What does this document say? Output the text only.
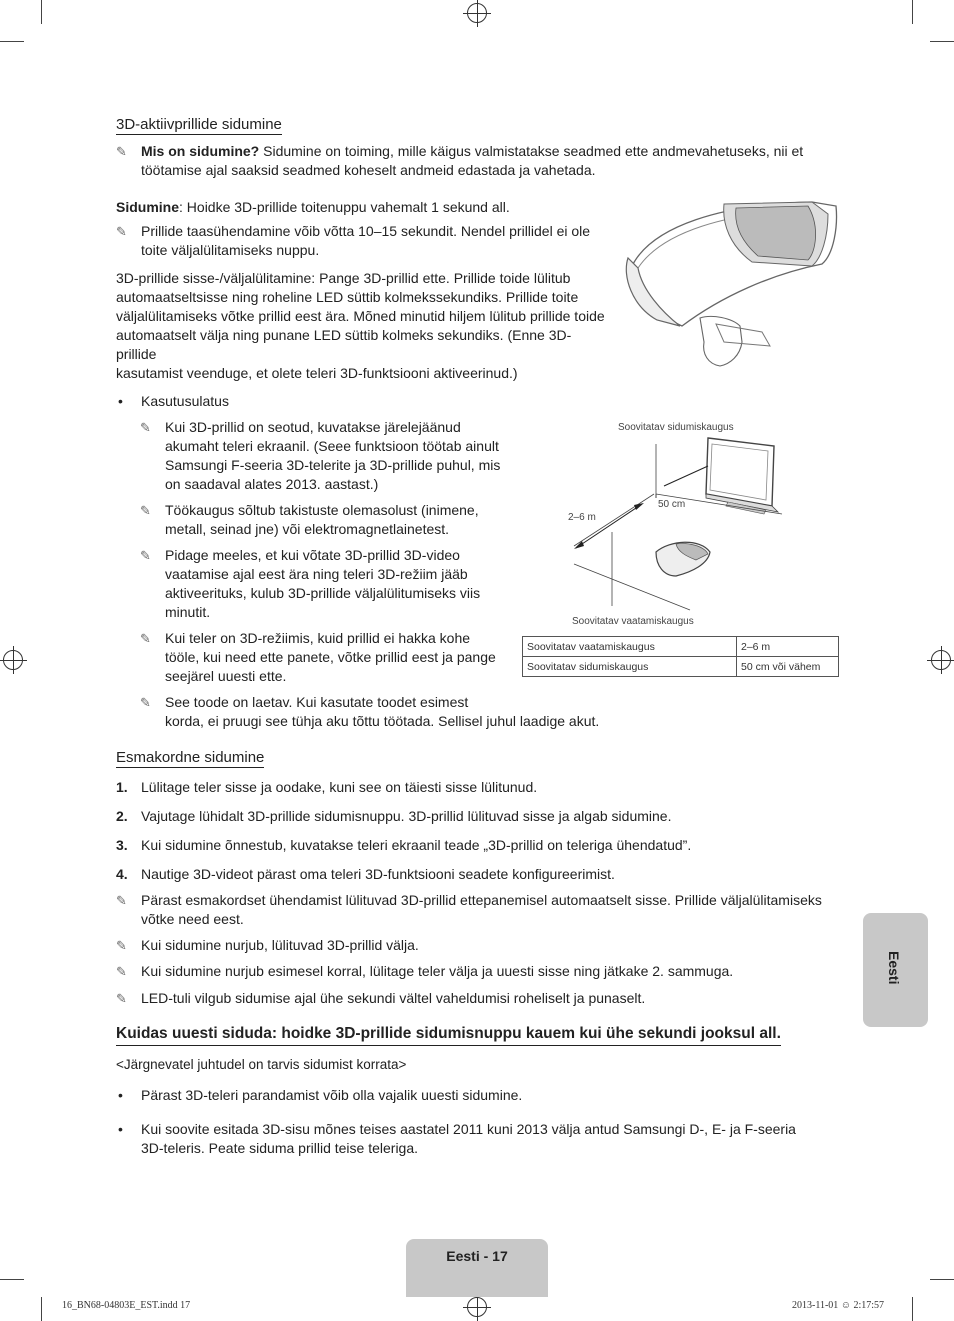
3D-aktiivprillide sidumine
✎ Mis on sidumine? Sidumine on toiming, mille käigus valmistatakse seadmed ette andmevahetuseks, nii et
töötamise ajal saaksid seadmed koheselt andmeid edastada ja vahetada.
Sidumine: Hoidke 3D-prillide toitenuppu vahemalt 1 sekund all.
✎ Prillide taasühendamine võib võtta 10–15 sekundit. Nendel prillidel ei ole
toite väljalülitamiseks nuppu.
3D-prillide sisse-/väljalülitamine: Pange 3D-prillid ette. Prillide toide lülitub
automaatseltsisse ning roheline LED süttib kolmekssekundiks. Prillide toite
väljalülitamiseks võtke prillid eest ära. Mõned minutid hiljem lülitub prillide toide
automaatselt välja ning punane LED süttib kolmeks sekundiks. (Enne 3D-prillide
kasutamist veenduge, et olete teleri 3D-funktsiooni aktiveerinud.)
• Kasutusulatus
✎ Kui 3D-prillid on seotud, kuvatakse järelejäänud
akumaht teleri ekraanil. (Seee funktsioon töötab ainult
Samsungi F-seeria 3D-telerite ja 3D-prillide puhul, mis
on saadaval alates 2013. aastast.)
✎ Töökaugus sõltub takistuste olemasolust (inimene,
metall, seinad jne) või elektromagnetlainetest.
✎ Pidage meeles, et kui võtate 3D-prillid 3D-video
vaatamise ajal eest ära ning teleri 3D-režiim jääb
aktiveerituks, kulub 3D-prillide väljalülitumiseks viis
minutit.
✎ Kui teler on 3D-režiimis, kuid prillid ei hakka kohe
tööle, kui need ette panete, võtke prillid eest ja pange
seejärel uuesti ette.
✎ See toode on laetav. Kui kasutate toodet esimest
korda, ei pruugi see tühja aku tõttu töötada. Sellisel juhul laadige akut.
Soovitatav sidumiskaugus
2–6 m
50 cm
Soovitatav vaatamiskaugus
Soovitatav vaatamiskaugus	2–6 m
Soovitatav sidumiskaugus	50 cm või vähem
Esmakordne sidumine
1. Lülitage teler sisse ja oodake, kuni see on täiesti sisse lülitunud.
2. Vajutage lühidalt 3D-prillide sidumisnuppu. 3D-prillid lülituvad sisse ja algab sidumine.
3. Kui sidumine õnnestub, kuvatakse teleri ekraanil teade „3D-prillid on teleriga ühendatud”.
4. Nautige 3D-videot pärast oma teleri 3D-funktsiooni seadete konfigureerimist.
✎ Pärast esmakordset ühendamist lülituvad 3D-prillid ettepanemisel automaatselt sisse. Prillide väljalülitamiseks
võtke need eest.
✎ Kui sidumine nurjub, lülituvad 3D-prillid välja.
✎ Kui sidumine nurjub esimesel korral, lülitage teler välja ja uuesti sisse ning jätkake 2. sammuga.
✎ LED-tuli vilgub sidumise ajal ühe sekundi vältel vaheldumisi roheliselt ja punaselt.
Kuidas uuesti siduda: hoidke 3D-prillide sidumisnuppu kauem kui ühe sekundi jooksul all.
<Järgnevatel juhtudel on tarvis sidumist korrata>
• Pärast 3D-teleri parandamist võib olla vajalik uuesti sidumine.
• Kui soovite esitada 3D-sisu mõnes teises aastatel 2011 kuni 2013 välja antud Samsungi D-, E- ja F-seeria
3D-teleris. Peate siduma prillid teise teleriga.
Eesti
Eesti - 17
16_BN68-04803E_EST.indd 17	2013-11-01 ☺ 2:17:57
